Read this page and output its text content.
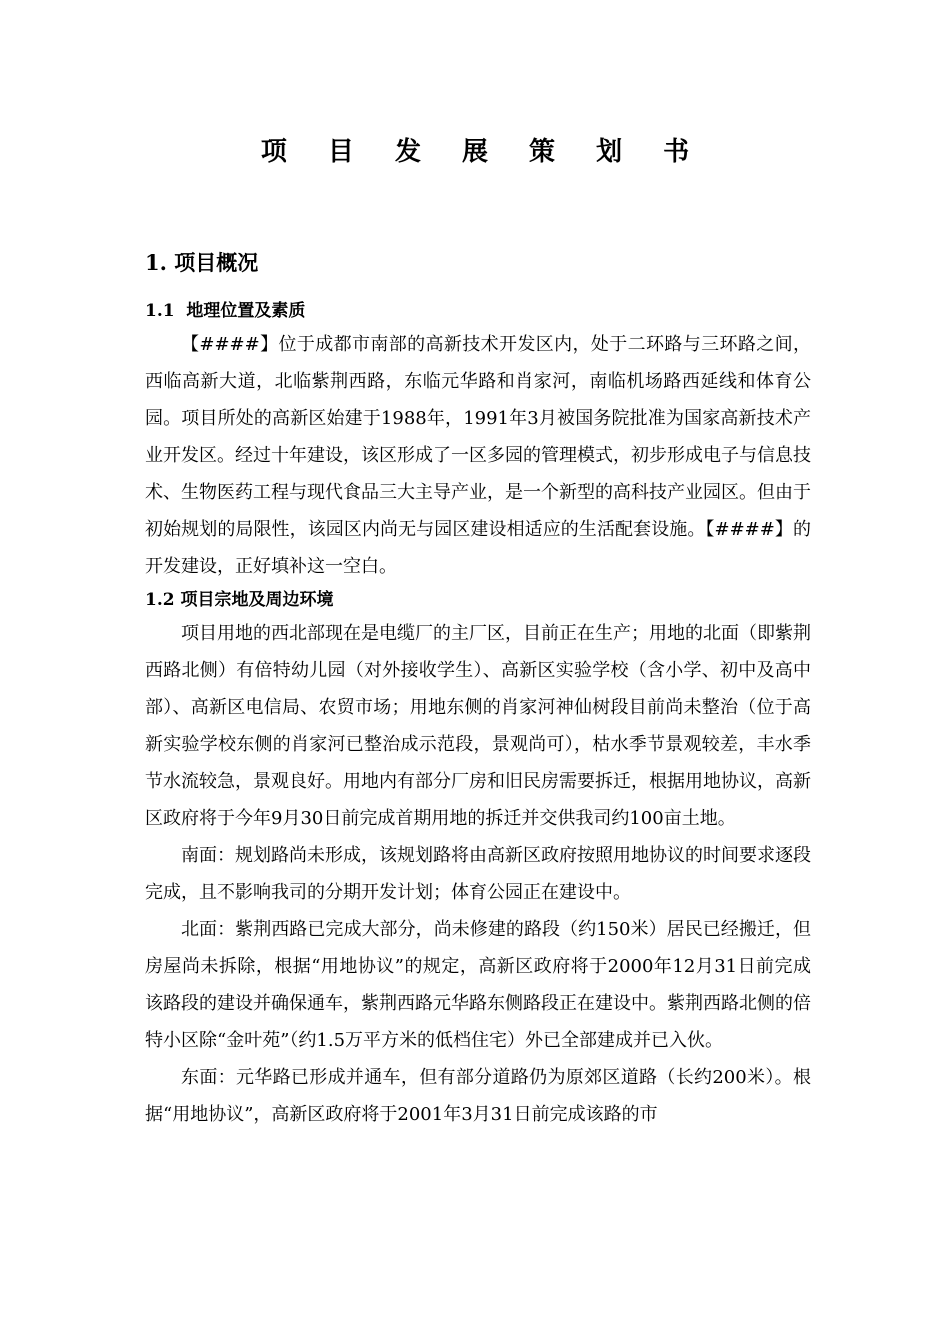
项 目 发 展 策 划 书
1. 项目概况
1.1  地理位置及素质

【####】位于成都市南部的高新技术开发区内，处于二环路与三环路之间，西临高新大道，北临紫荆西路，东临元华路和肖家河，南临机场路西延线和体育公园。项目所处的高新区始建于1988年，1991年3月被国务院批准为国家高新技术产业开发区。经过十年建设，该区形成了一区多园的管理模式，初步形成电子与信息技术、生物医药工程与现代食品三大主导产业，是一个新型的高科技产业园区。但由于初始规划的局限性，该园区内尚无与园区建设相适应的生活配套设施。【####】的开发建设，正好填补这一空白。

1.2 项目宗地及周边环境

项目用地的西北部现在是电缆厂的主厂区，目前正在生产；用地的北面（即紫荆西路北侧）有倍特幼儿园（对外接收学生）、高新区实验学校（含小学、初中及高中部）、高新区电信局、农贸市场；用地东侧的肖家河神仙树段目前尚未整治（位于高新实验学校东侧的肖家河已整治成示范段，景观尚可），枯水季节景观较差，丰水季节水流较急，景观良好。用地内有部分厂房和旧民房需要拆迁，根据用地协议，高新区政府将于今年9月30日前完成首期用地的拆迁并交供我司约100亩土地。

南面：规划路尚未形成，该规划路将由高新区政府按照用地协议的时间要求逐段完成，且不影响我司的分期开发计划；体育公园正在建设中。

北面：紫荆西路已完成大部分，尚未修建的路段（约150米）居民已经搬迁，但房屋尚未拆除，根据“用地协议”的规定，高新区政府将于2000年12月31日前完成该路段的建设并确保通车，紫荆西路元华路东侧路段正在建设中。紫荆西路北侧的倍特小区除“金叶苑”（约1.5万平方米的低档住宅）外已全部建成并已入伙。

东面：元华路已形成并通车，但有部分道路仍为原郊区道路（长约200米）。根据“用地协议”，高新区政府将于2001年3月31日前完成该路的市
